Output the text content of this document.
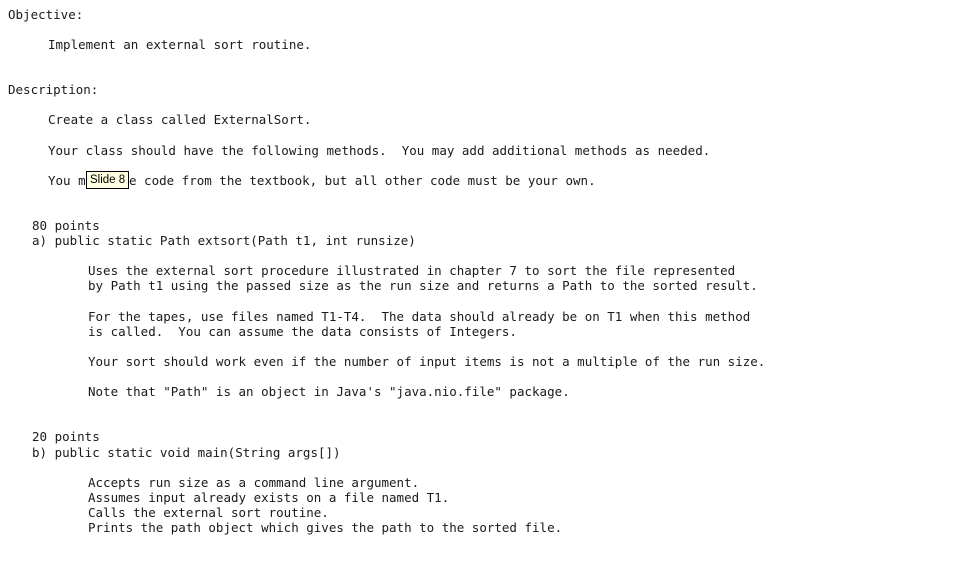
Objective:
Implement an external sort routine.
Description:
Create a class called ExternalSort.
Your class should have the following methods.  You may add additional methods as needed.
You m	e code from the textbook, but all other code must be your own.
Slide 8
80 points
a) public static Path extsort(Path t1, int runsize)
Uses the external sort procedure illustrated in chapter 7 to sort the file represented
by Path t1 using the passed size as the run size and returns a Path to the sorted result.
For the tapes, use files named T1-T4.  The data should already be on T1 when this method
is called.  You can assume the data consists of Integers.
Your sort should work even if the number of input items is not a multiple of the run size.
Note that "Path" is an object in Java's "java.nio.file" package.
20 points
b) public static void main(String args[])
Accepts run size as a command line argument.
Assumes input already exists on a file named T1.
Calls the external sort routine.
Prints the path object which gives the path to the sorted file.
